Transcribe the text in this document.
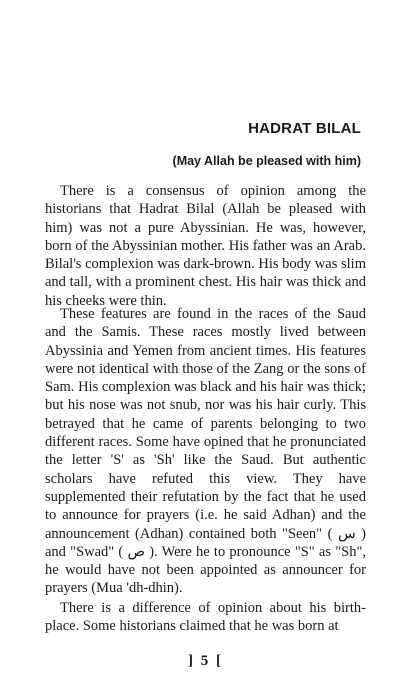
HADRAT BILAL
(May Allah be pleased with him)

There is a consensus of opinion among the historians that Hadrat Bilal (Allah be pleased with him) was not a pure Abyssinian. He was, however, born of the Abyssinian mother. His father was an Arab. Bilal's complexion was dark-brown. His body was slim and tall, with a prominent chest. His hair was thick and his cheeks were thin.

These features are found in the races of the Saud and the Samis. These races mostly lived between Abyssinia and Yemen from ancient times. His features were not identical with those of the Zang or the sons of Sam. His complexion was black and his hair was thick; but his nose was not snub, nor was his hair curly. This betrayed that he came of parents belonging to two different races. Some have opined that he pronunciated the letter 'S' as 'Sh' like the Saud. But authentic scholars have refuted this view. They have supplemented their refutation by the fact that he used to announce for prayers (i.e. he said Adhan) and the announcement (Adhan) contained both "Seen" ( س ) and "Swad" ( ص ). Were he to pronounce "S" as "Sh", he would have not been appointed as announcer for prayers (Mua 'dh-dhin).

There is a difference of opinion about his birth-place. Some historians claimed that he was born at

] 5 [
